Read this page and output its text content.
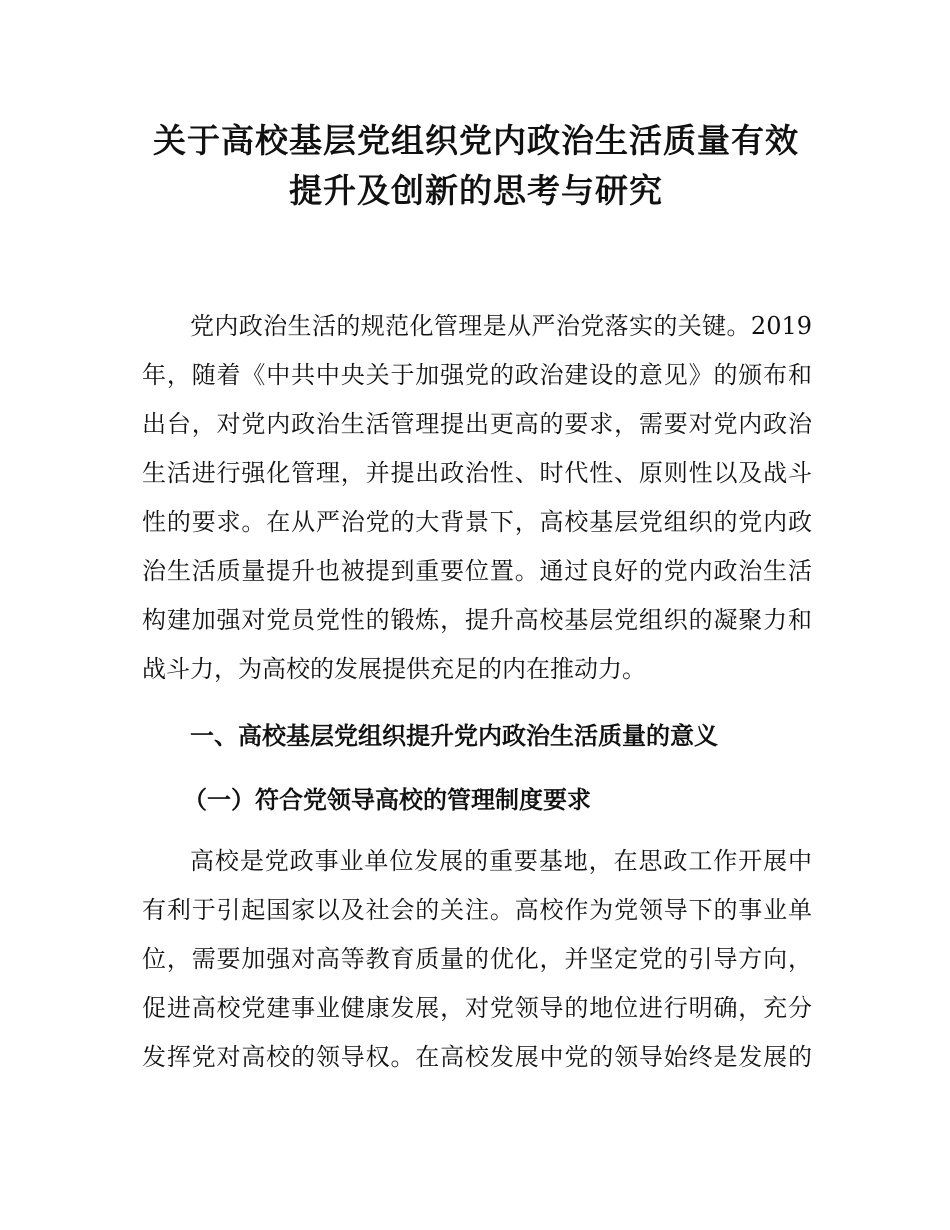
关于高校基层党组织党内政治生活质量有效
提升及创新的思考与研究
党内政治生活的规范化管理是从严治党落实的关键。2019
年，随着《中共中央关于加强党的政治建设的意见》的颁布和
出台，对党内政治生活管理提出更高的要求，需要对党内政治
生活进行强化管理，并提出政治性、时代性、原则性以及战斗
性的要求。在从严治党的大背景下，高校基层党组织的党内政
治生活质量提升也被提到重要位置。通过良好的党内政治生活
构建加强对党员党性的锻炼，提升高校基层党组织的凝聚力和
战斗力，为高校的发展提供充足的内在推动力。
一、高校基层党组织提升党内政治生活质量的意义
（一）符合党领导高校的管理制度要求
高校是党政事业单位发展的重要基地，在思政工作开展中
有利于引起国家以及社会的关注。高校作为党领导下的事业单
位，需要加强对高等教育质量的优化，并坚定党的引导方向，
促进高校党建事业健康发展，对党领导的地位进行明确，充分
发挥党对高校的领导权。在高校发展中党的领导始终是发展的
